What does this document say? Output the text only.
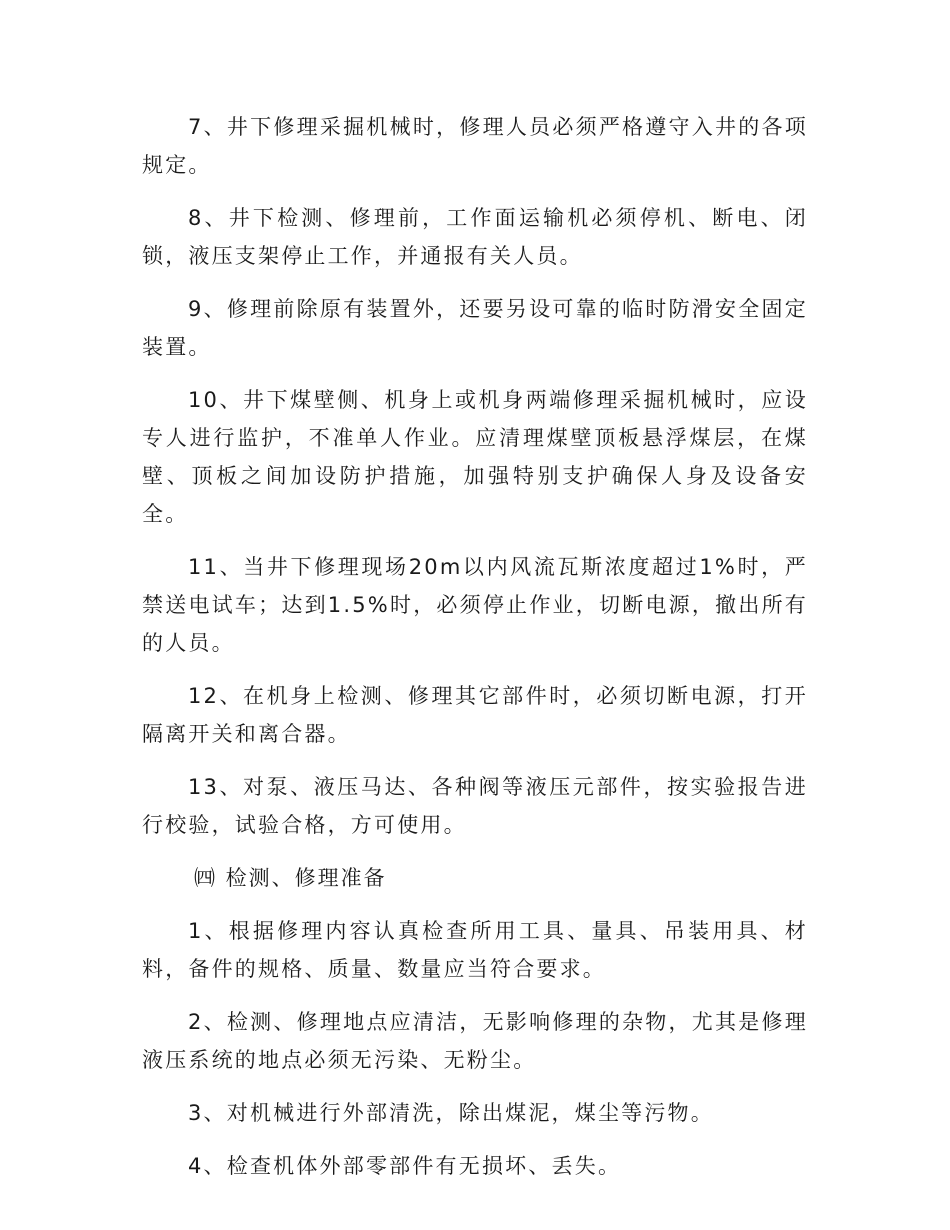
7、井下修理采掘机械时，修理人员必须严格遵守入井的各项规定。

8、井下检测、修理前，工作面运输机必须停机、断电、闭锁，液压支架停止工作，并通报有关人员。

9、修理前除原有装置外，还要另设可靠的临时防滑安全固定装置。

10、井下煤壁侧、机身上或机身两端修理采掘机械时，应设专人进行监护，不准单人作业。应清理煤壁顶板悬浮煤层，在煤壁、顶板之间加设防护措施，加强特别支护确保人身及设备安全。

11、当井下修理现场20m以内风流瓦斯浓度超过1%时，严禁送电试车；达到1.5%时，必须停止作业，切断电源，撤出所有的人员。

12、在机身上检测、修理其它部件时，必须切断电源，打开隔离开关和离合器。

13、对泵、液压马达、各种阀等液压元部件，按实验报告进行校验，试验合格，方可使用。

㈣ 检测、修理准备

1、根据修理内容认真检查所用工具、量具、吊装用具、材料，备件的规格、质量、数量应当符合要求。

2、检测、修理地点应清洁，无影响修理的杂物，尤其是修理液压系统的地点必须无污染、无粉尘。

3、对机械进行外部清洗，除出煤泥，煤尘等污物。

4、检查机体外部零部件有无损坏、丢失。
